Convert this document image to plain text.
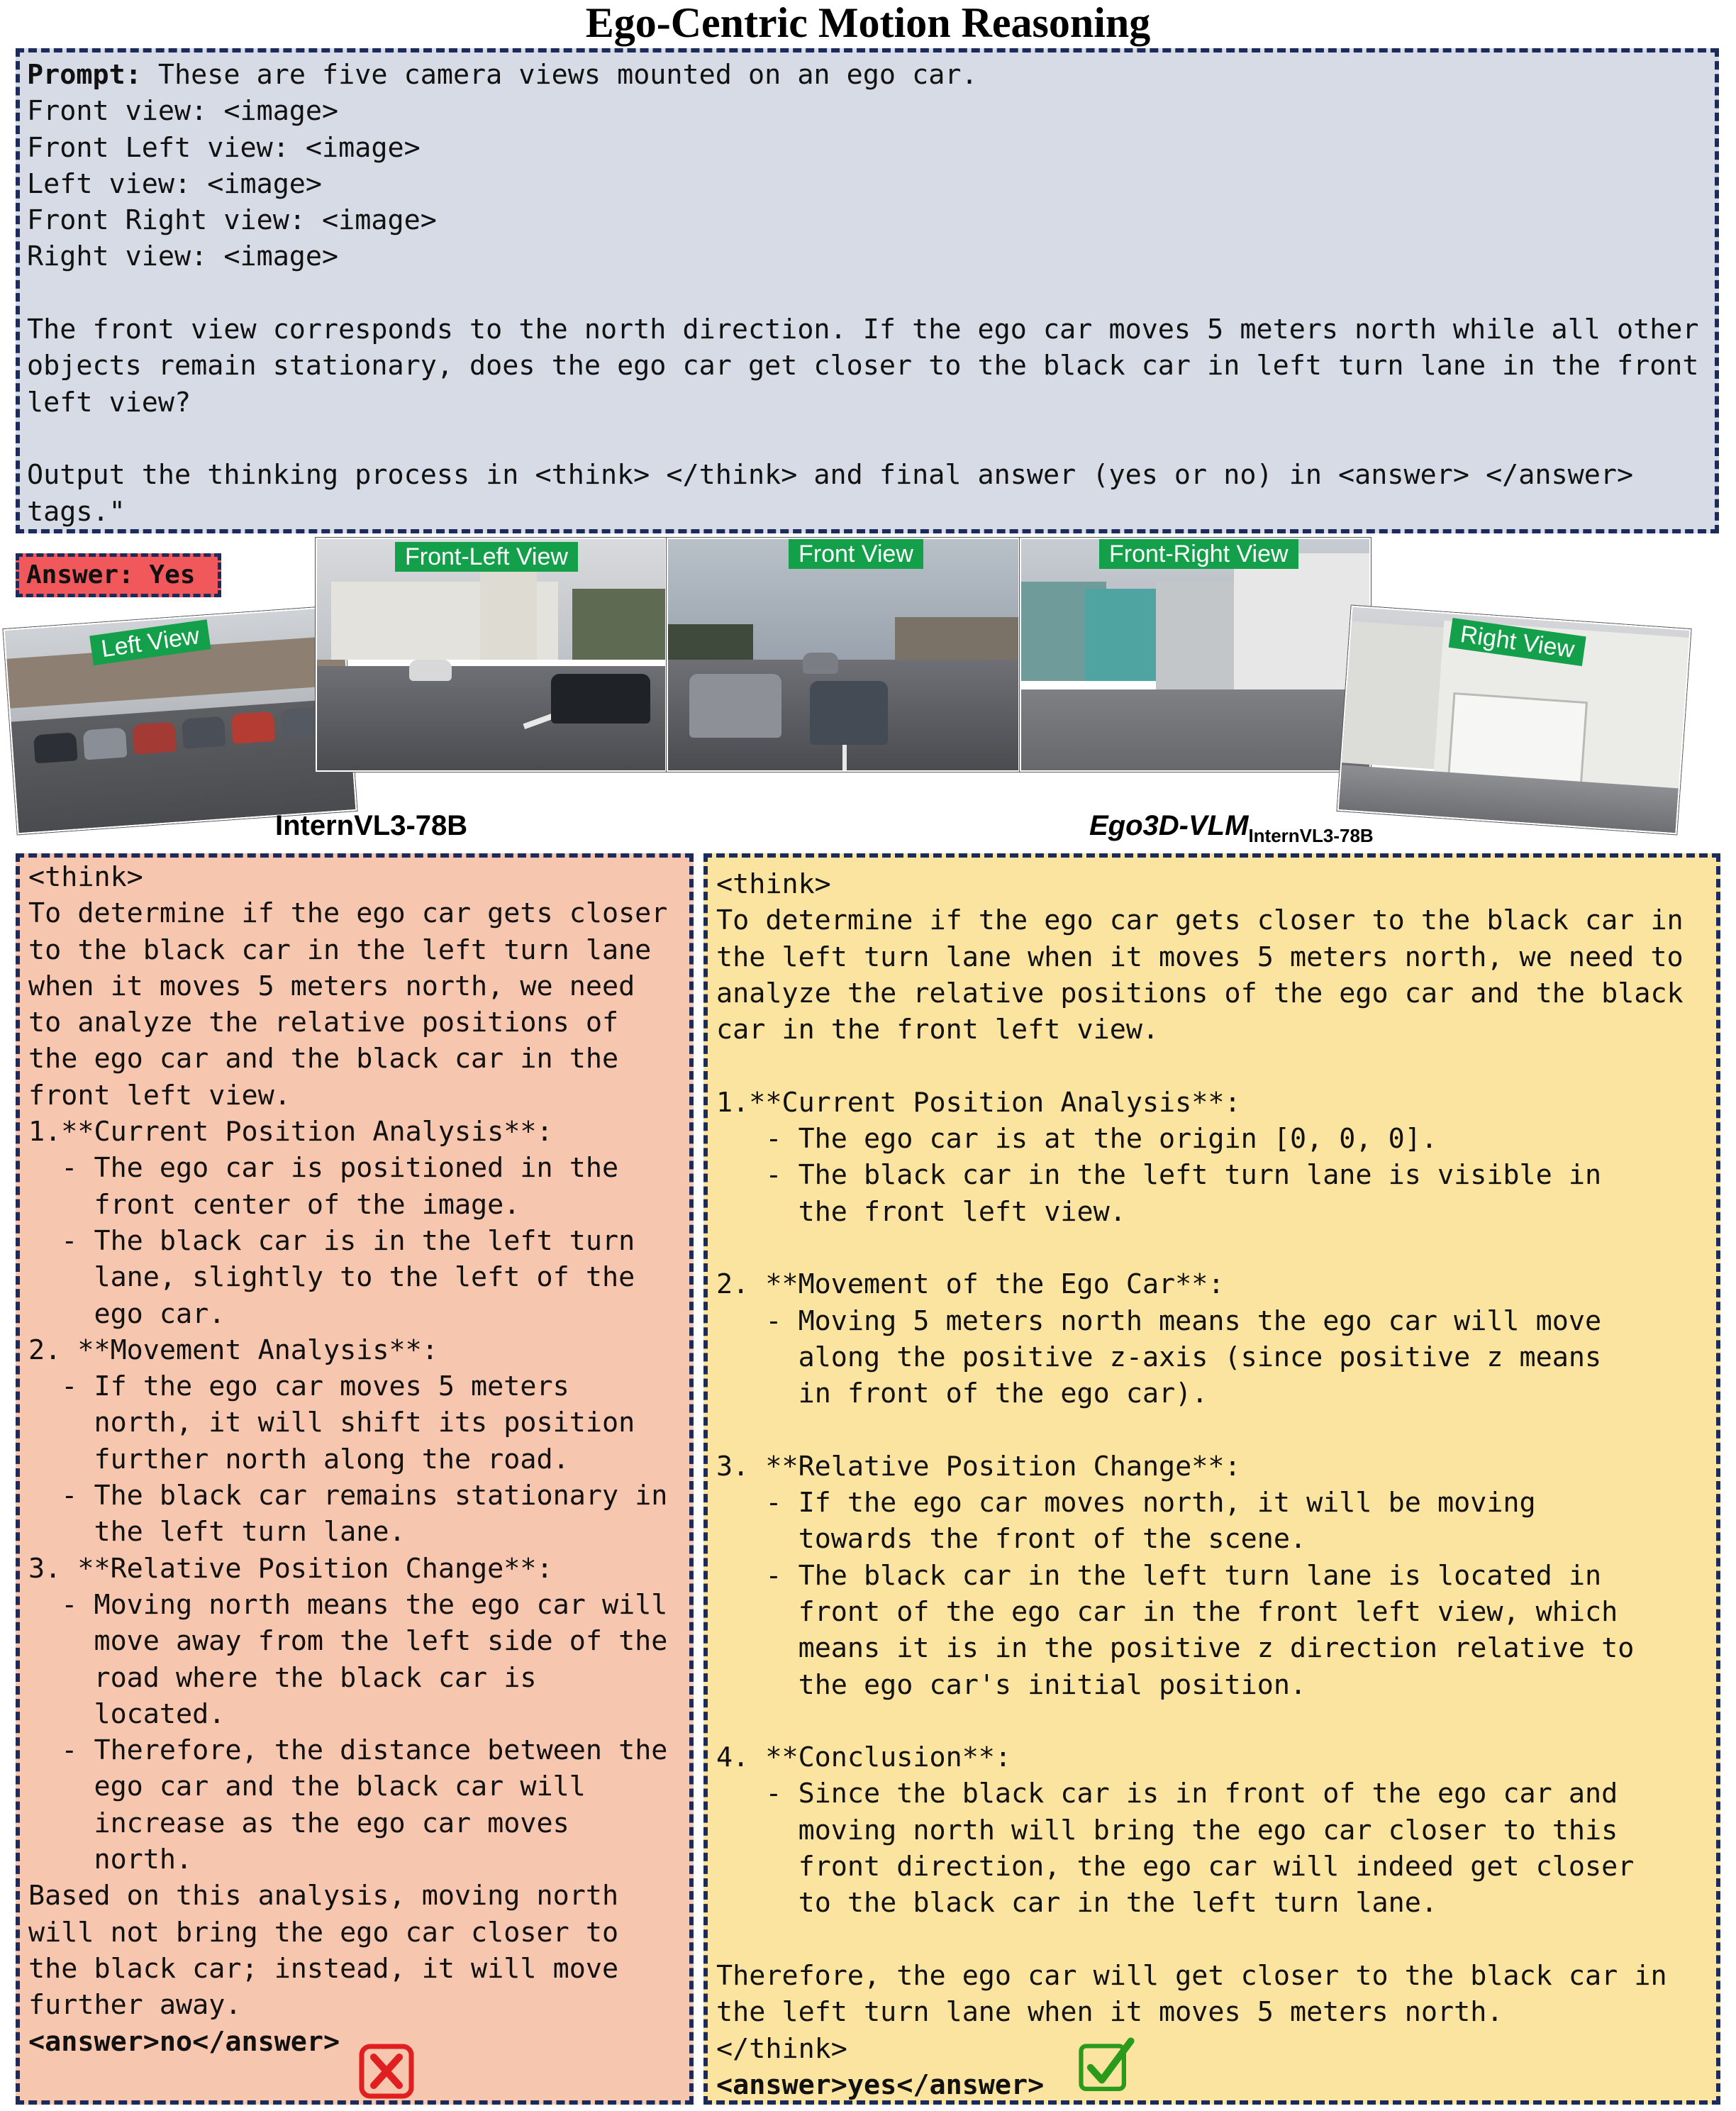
Ego-Centric Motion Reasoning
Prompt: These are five camera views mounted on an ego car.
Front view: <image>
Front Left view: <image>
Left view: <image>
Front Right view: <image>
Right view: <image>

The front view corresponds to the north direction. If the ego car moves 5 meters north while all other objects remain stationary, does the ego car get closer to the black car in left turn lane in the front left view?

Output the thinking process in <think> </think> and final answer (yes or no) in <answer> </answer> tags."
Answer: Yes
Left View
Front-Left View	Front View	Front-Right View
Right View
InternVL3-78B	$Ego3D-VLM_{InternVL3-78B}$
<think>
To determine if the ego car gets closer
to the black car in the left turn lane
when it moves 5 meters north, we need
to analyze the relative positions of
the ego car and the black car in the
front left view.
1.**Current Position Analysis**:
- The ego car is positioned in the
front center of the image.
- The black car is in the left turn
lane, slightly to the left of the
ego car.
2. **Movement Analysis**:
- If the ego car moves 5 meters
north, it will shift its position
further north along the road.
- The black car remains stationary in
the left turn lane.
3. **Relative Position Change**:
- Moving north means the ego car will
move away from the left side of the
road where the black car is
located.
- Therefore, the distance between the
ego car and the black car will
increase as the ego car moves
north.
Based on this analysis, moving north
will not bring the ego car closer to
the black car; instead, it will move
further away.

<answer>no</answer>
<think>
To determine if the ego car gets closer to the black car in
the left turn lane when it moves 5 meters north, we need to
analyze the relative positions of the ego car and the black
car in the front left view.

1.**Current Position Analysis**:
- The ego car is at the origin [0, 0, 0].
- The black car in the left turn lane is visible in
the front left view.

2. **Movement of the Ego Car**:
- Moving 5 meters north means the ego car will move
along the positive z-axis (since positive z means
in front of the ego car).

3. **Relative Position Change**:
- If the ego car moves north, it will be moving
towards the front of the scene.
- The black car in the left turn lane is located in
front of the ego car in the front left view, which
means it is in the positive z direction relative to
the ego car's initial position.

4. **Conclusion**:
- Since the black car is in front of the ego car and
moving north will bring the ego car closer to this
front direction, the ego car will indeed get closer
to the black car in the left turn lane.

Therefore, the ego car will get closer to the black car in
the left turn lane when it moves 5 meters north.
</think>
<answer>yes</answer>
